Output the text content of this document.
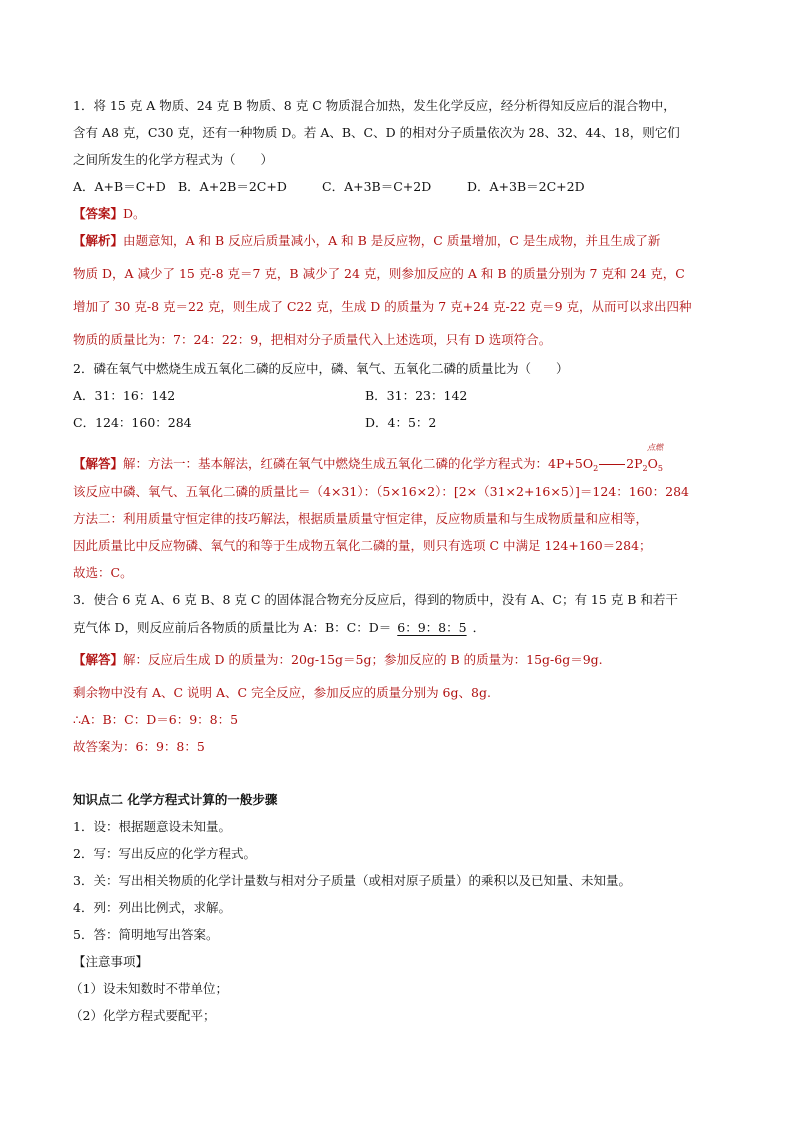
1．将 15 克 A 物质、24 克 B 物质、8 克 C 物质混合加热，发生化学反应，经分析得知反应后的混合物中，
含有 A8 克，C30 克，还有一种物质 D。若 A、B、C、D 的相对分子质量依次为 28、32、44、18，则它们
之间所发生的化学方程式为（　　）
A．A+B＝C+D B．A+2B＝2C+D	C．A+3B＝C+2D	D．A+3B＝2C+2D
【答案】D。
【解析】由题意知，A 和 B 反应后质量减小，A 和 B 是反应物，C 质量增加，C 是生成物，并且生成了新
物质 D，A 减少了 15 克-8 克＝7 克，B 减少了 24 克，则参加反应的 A 和 B 的质量分别为 7 克和 24 克，C
增加了 30 克-8 克＝22 克，则生成了 C22 克，生成 D 的质量为 7 克+24 克-22 克＝9 克，从而可以求出四种
物质的质量比为：7：24：22：9，把相对分子质量代入上述选项，只有 D 选项符合。
2．磷在氧气中燃烧生成五氧化二磷的反应中，磷、氧气、五氧化二磷的质量比为（　　）
A．31：16：142	B．31：23：142
C．124：160：284	D．4：5：2
点燃
【解答】解：方法一：基本解法，红磷在氧气中燃烧生成五氧化二磷的化学方程式为：$4P+5O_2$ $2P_2O_5$
该反应中磷、氧气、五氧化二磷的质量比＝（4×31）：（5×16×2）：[2×（31×2+16×5）]＝124：160：284
方法二：利用质量守恒定律的技巧解法，根据质量质量守恒定律，反应物质量和与生成物质量和应相等，
因此质量比中反应物磷、氧气的和等于生成物五氧化二磷的量，则只有选项 C 中满足 124+160＝284；
故选：C。
3．使合 6 克 A、6 克 B、8 克 C 的固体混合物充分反应后，得到的物质中，没有 A、C；有 15 克 B 和若干
克气体 D，则反应前后各物质的质量比为 A：B：C：D＝ 6：9：8：5 ．
【解答】解：反应后生成 D 的质量为：20g-15g＝5g；参加反应的 B 的质量为：15g-6g＝9g.
剩余物中没有 A、C 说明 A、C 完全反应，参加反应的质量分别为 6g、8g.
∴A：B：C：D＝6：9：8：5
故答案为：6：9：8：5
知识点二 化学方程式计算的一般步骤
1．设：根据题意设未知量。
2．写：写出反应的化学方程式。
3．关：写出相关物质的化学计量数与相对分子质量（或相对原子质量）的乘积以及已知量、未知量。
4．列：列出比例式，求解。
5．答：简明地写出答案。
【注意事项】
（1）设未知数时不带单位；
（2）化学方程式要配平；
